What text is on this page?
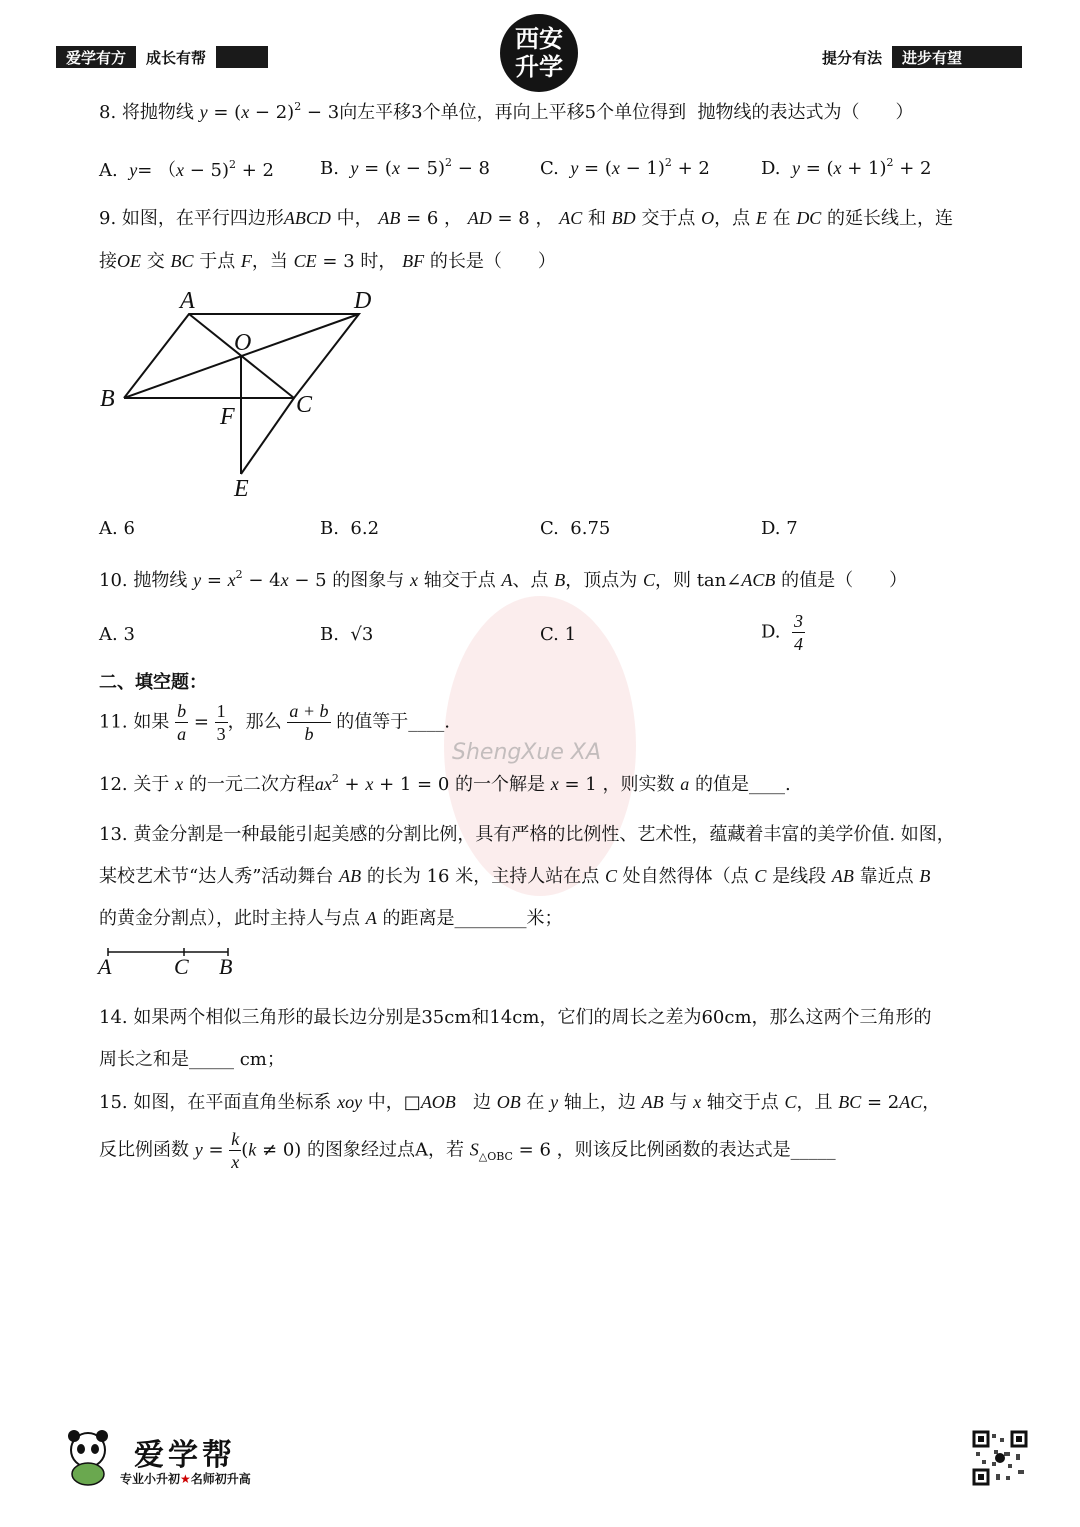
爱学有方	成长有帮	提分有法	进步有望
西安
升学
ShengXue XA
8. 将抛物线 $y = (x - 2)^2 - 3$向左平移3个单位，再向上平移5个单位得到 抛物线的表达式为（　　）
A. y= （x − 5)$^2$ + 2	B. $y = (x - 5)^2 - 8$	C. $y = (x - 1)^2 + 2$	D. $y = (x + 1)^2 + 2$
9. 如图，在平行四边形ABCD 中， AB = 6 ， AD = 8 ， AC 和 BD 交于点 O，点 E 在 DC 的延长线上，连
接OE 交 BC 于点 F，当 CE = 3 时， BF 的长是（　　）
A	D
O
B
F	C
E
A. 6	B.  6.2	C.  6.75	D. 7
10. 抛物线 $y = x^2 - 4x - 5$ 的图象与 x 轴交于点 A、点 B，顶点为 C，则 tan∠ACB 的值是（　　）
A. 3	B.  √3	C. 1	D. $\frac{3}{4}$
二、填空题：
11. 如果 $\frac{b}{a} = \frac{1}{3}$ ，那么 $\frac{a + b}{b}$ 的值等于____.
12. 关于 x 的一元二次方程$ax^2 + x + 1 = 0$ 的一个解是 x = 1 ，则实数 a 的值是____.
13. 黄金分割是一种最能引起美感的分割比例，具有严格的比例性、艺术性，蕴藏着丰富的美学价值. 如图，
某校艺术节“达人秀”活动舞台 AB 的长为 16 米，主持人站在点 C 处自然得体（点 C 是线段 AB 靠近点 B
的黄金分割点），此时主持人与点 A 的距离是________米；
A	C B
14. 如果两个相似三角形的最长边分别是35cm和14cm，它们的周长之差为60cm，那么这两个三角形的
周长之和是_____ cm；
15. 如图，在平面直角坐标系 xoy 中，□AOB   边 OB 在 y 轴上，边 AB 与 x 轴交于点 C，且 BC = 2AC，
反比例函数 $y = \frac{k}{x} (k \ne 0)$ 的图象经过点A，若 $S_{\triangle OBC} = 6$ ，则该反比例函数的表达式是_____
爱学帮
专业小升初★名师初升高
